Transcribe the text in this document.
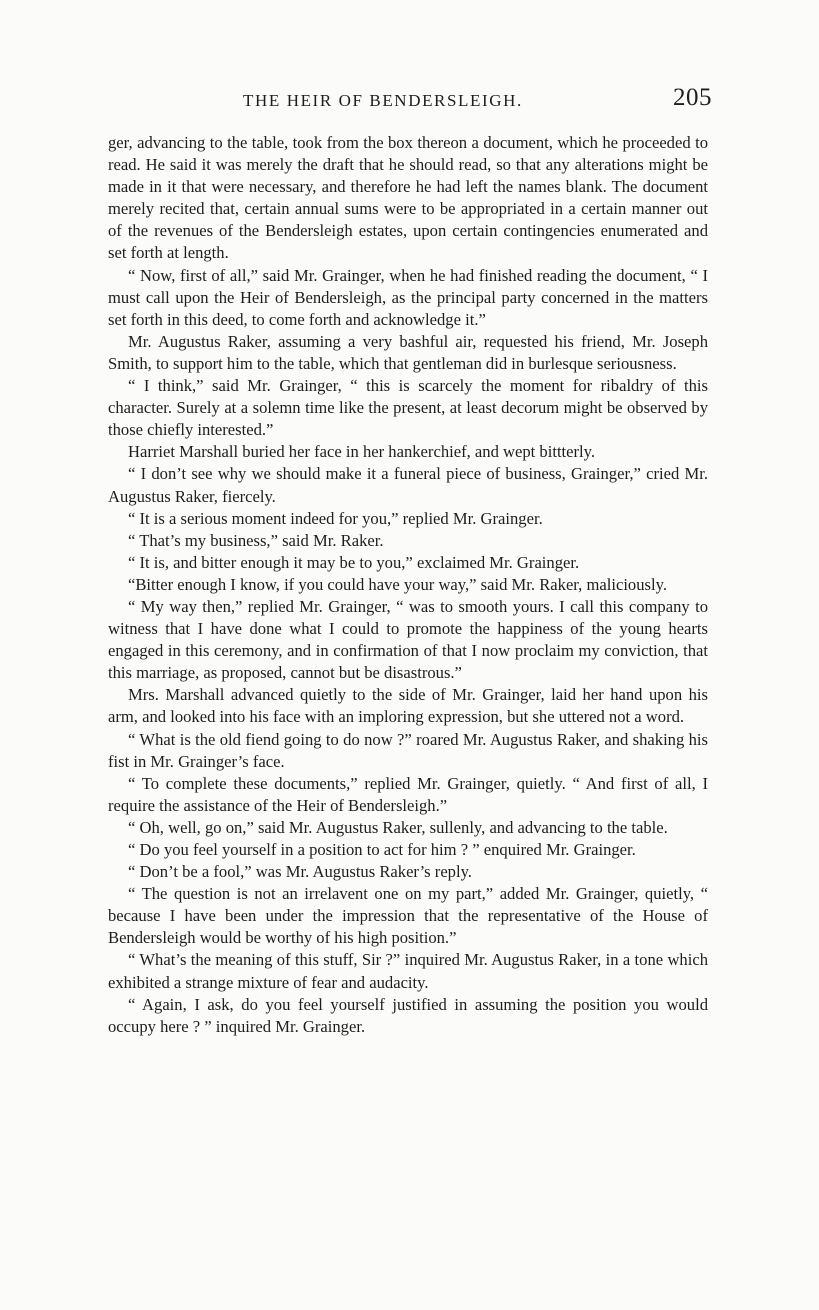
THE HEIR OF BENDERSLEIGH.	205

ger, advancing to the table, took from the box thereon a document, which he proceeded to read. He said it was merely the draft that he should read, so that any alterations might be made in it that were necessary, and therefore he had left the names blank. The document merely recited that, certain annual sums were to be appropriated in a certain manner out of the revenues of the Bendersleigh estates, upon certain contingencies enumerated and set forth at length.

“ Now, first of all,” said Mr. Grainger, when he had finished reading the document, “ I must call upon the Heir of Bendersleigh, as the principal party concerned in the matters set forth in this deed, to come forth and acknowledge it.”

Mr. Augustus Raker, assuming a very bashful air, requested his friend, Mr. Joseph Smith, to support him to the table, which that gentleman did in burlesque seriousness.

“ I think,” said Mr. Grainger, “ this is scarcely the moment for ribaldry of this character. Surely at a solemn time like the present, at least decorum might be observed by those chiefly interested.”

Harriet Marshall buried her face in her hankerchief, and wept bittterly.

“ I don’t see why we should make it a funeral piece of business, Grainger,” cried Mr. Augustus Raker, fiercely.

“ It is a serious moment indeed for you,” replied Mr. Grainger.

“ That’s my business,” said Mr. Raker.

“ It is, and bitter enough it may be to you,” exclaimed Mr. Grainger.

“Bitter enough I know, if you could have your way,” said Mr. Raker, maliciously.

“ My way then,” replied Mr. Grainger, “ was to smooth yours. I call this company to witness that I have done what I could to promote the happiness of the young hearts engaged in this ceremony, and in confirmation of that I now proclaim my conviction, that this marriage, as proposed, cannot but be disastrous.”

Mrs. Marshall advanced quietly to the side of Mr. Grainger, laid her hand upon his arm, and looked into his face with an imploring expression, but she uttered not a word.

“ What is the old fiend going to do now ?” roared Mr. Augustus Raker, and shaking his fist in Mr. Grainger’s face.

“ To complete these documents,” replied Mr. Grainger, quietly. “ And first of all, I require the assistance of the Heir of Bendersleigh.”

“ Oh, well, go on,” said Mr. Augustus Raker, sullenly, and advancing to the table.

“ Do you feel yourself in a position to act for him ? ” enquired Mr. Grainger.

“ Don’t be a fool,” was Mr. Augustus Raker’s reply.

“ The question is not an irrelavent one on my part,” added Mr. Grainger, quietly, “ because I have been under the impression that the representative of the House of Bendersleigh would be worthy of his high position.”

“ What’s the meaning of this stuff, Sir ?” inquired Mr. Augustus Raker, in a tone which exhibited a strange mixture of fear and audacity.

“ Again, I ask, do you feel yourself justified in assuming the position you would occupy here ? ” inquired Mr. Grainger.
